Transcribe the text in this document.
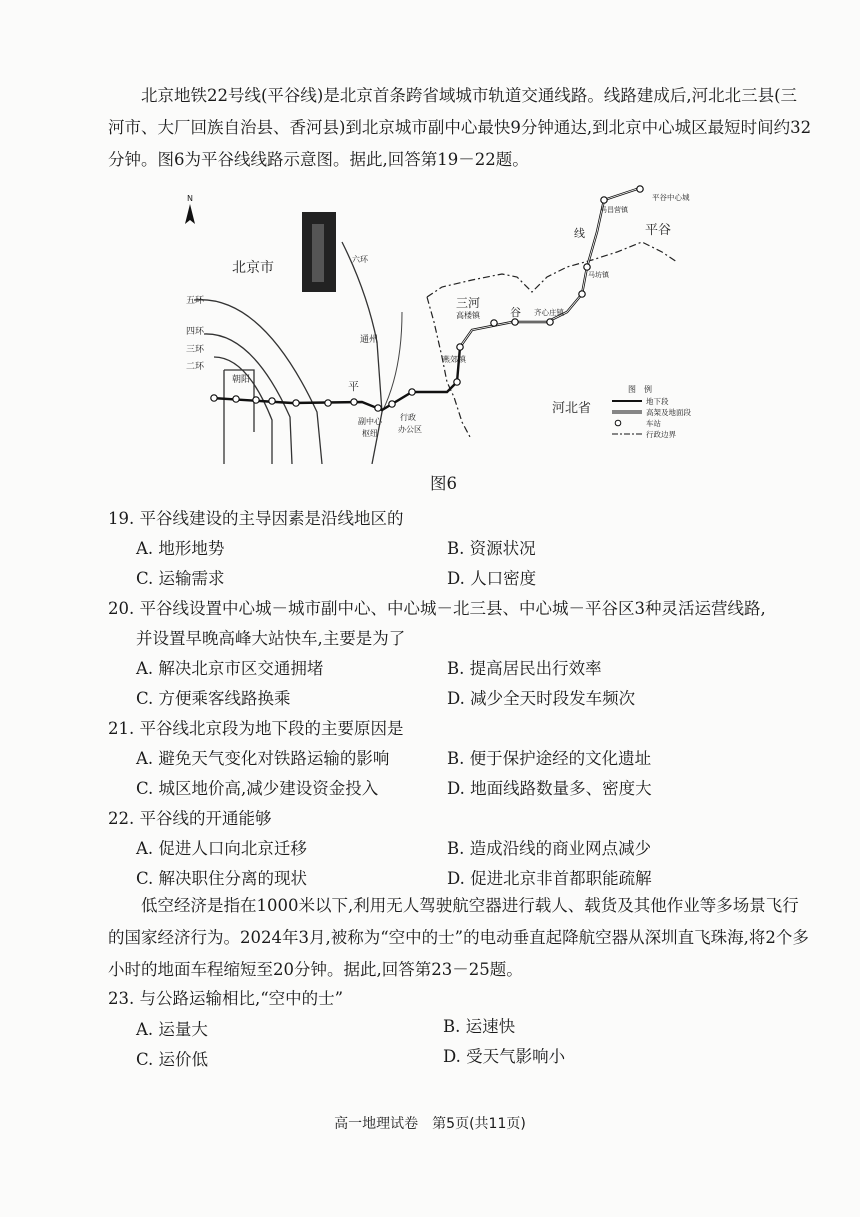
北京地铁22号线(平谷线)是北京首条跨省域城市轨道交通线路。线路建成后,河北北三县(三河市、大厂回族自治县、香河县)到北京城市副中心最快9分钟通达,到北京中心城区最短时间约32分钟。图6为平谷线线路示意图。据此,回答第19－22题。
N
北京市
五环
四环
三环
二环
朝阳
六环
通州
平
副中心
枢纽
行政
办公区
三河
高楼镇	谷 齐心庄镇
燕郊镇
线
马昌营镇
马坊镇
平谷中心城
平谷
河北省
图　例
地下段
高架及地面段
车站
行政边界
图6
19. 平谷线建设的主导因素是沿线地区的
A. 地形地势	B. 资源状况
C. 运输需求	D. 人口密度
20. 平谷线设置中心城－城市副中心、中心城－北三县、中心城－平谷区3种灵活运营线路,
并设置早晚高峰大站快车,主要是为了
A. 解决北京市区交通拥堵	B. 提高居民出行效率
C. 方便乘客线路换乘	D. 减少全天时段发车频次
21. 平谷线北京段为地下段的主要原因是
A. 避免天气变化对铁路运输的影响	B. 便于保护途经的文化遗址
C. 城区地价高,减少建设资金投入	D. 地面线路数量多、密度大
22. 平谷线的开通能够
A. 促进人口向北京迁移	B. 造成沿线的商业网点减少
C. 解决职住分离的现状	D. 促进北京非首都职能疏解
低空经济是指在1000米以下,利用无人驾驶航空器进行载人、载货及其他作业等多场景飞行的国家经济行为。2024年3月,被称为“空中的士”的电动垂直起降航空器从深圳直飞珠海,将2个多小时的地面车程缩短至20分钟。据此,回答第23－25题。
23. 与公路运输相比,“空中的士”
A. 运量大	B. 运速快
C. 运价低	D. 受天气影响小
高一地理试卷　第5页(共11页)
